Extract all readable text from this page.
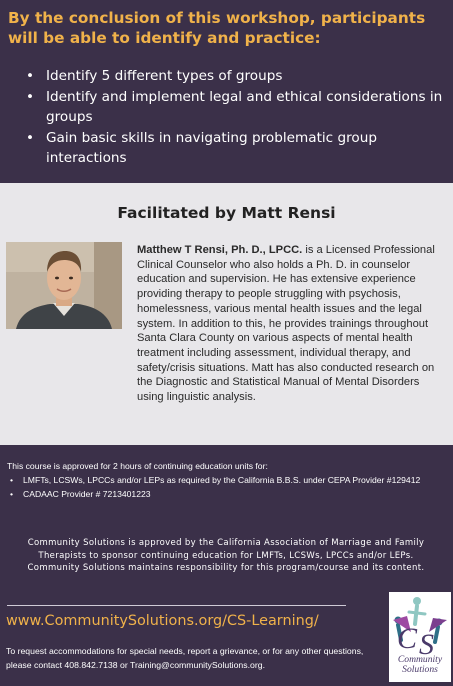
By the conclusion of this workshop, participants will be able to identify and practice:
• Identify 5 different types of groups
• Identify and implement legal and ethical considerations in groups
• Gain basic skills in navigating problematic group interactions
Facilitated by Matt Rensi
Matthew T Rensi, Ph. D., LPCC. is a Licensed Professional Clinical Counselor who also holds a Ph. D. in counselor education and supervision. He has extensive experience providing therapy to people struggling with psychosis, homelessness, various mental health issues and the legal system. In addition to this, he provides trainings throughout Santa Clara County on various aspects of mental health treatment including assessment, individual therapy, and safety/crisis situations. Matt has also conducted research on the Diagnostic and Statistical Manual of Mental Disorders using linguistic analysis.
This course is approved for 2 hours of continuing education units for:
• LMFTs, LCSWs, LPCCs and/or LEPs as required by the California B.B.S. under CEPA Provider #129412
• CADAAC Provider # 7213401223
Community Solutions is approved by the California Association of Marriage and Family Therapists to sponsor continuing education for LMFTs, LCSWs, LPCCs and/or LEPs. Community Solutions maintains responsibility for this program/course and its content.
www.CommunitySolutions.org/CS-Learning/
To request accommodations for special needs, report a grievance, or for any other questions, please contact 408.842.7138 or Training@communitySolutions.org.
C S
Community
Solutions
